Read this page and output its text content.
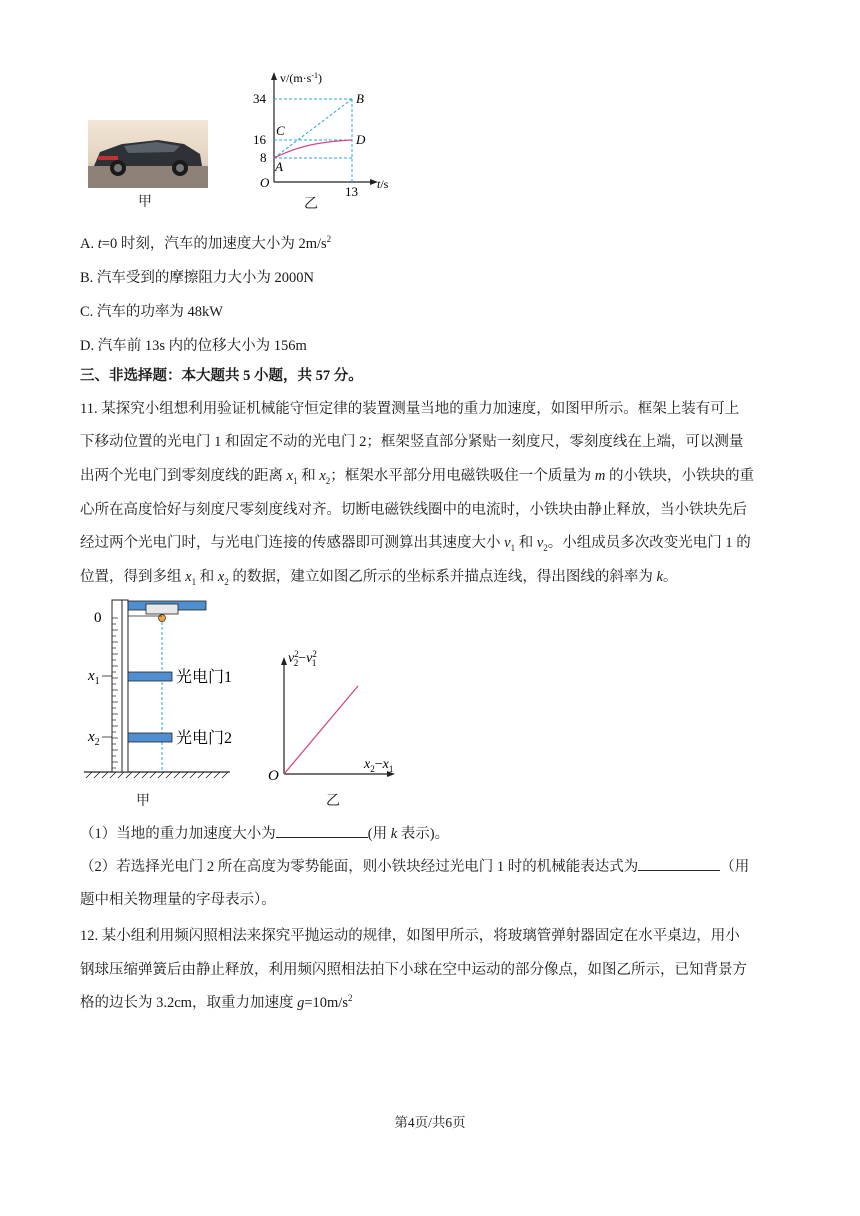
甲
34
16
8
13
O
A
B
C
D
t/s
$v/(m\cdot s^{-1})$
乙
A. t=0 时刻，汽车的加速度大小为 $2m/s^2$
B. 汽车受到的摩擦阻力大小为 2000N
C. 汽车的功率为 48kW
D. 汽车前 13s 内的位移大小为 156m
三、非选择题：本大题共 5 小题，共 57 分。
11. 某探究小组想利用验证机械能守恒定律的装置测量当地的重力加速度，如图甲所示。框架上装有可上
下移动位置的光电门 1 和固定不动的光电门 2；框架竖直部分紧贴一刻度尺，零刻度线在上端，可以测量
出两个光电门到零刻度线的距离 $x_1$ 和 $x_2$；框架水平部分用电磁铁吸住一个质量为 m 的小铁块，小铁块的重
心所在高度恰好与刻度尺零刻度线对齐。切断电磁铁线圈中的电流时，小铁块由静止释放，当小铁块先后
经过两个光电门时，与光电门连接的传感器即可测算出其速度大小 $v_1$ 和 $v_2$。小组成员多次改变光电门 1 的
位置，得到多组 $x_1$ 和 $x_2$ 的数据，建立如图乙所示的坐标系并描点连线，得出图线的斜率为 k。
0
$x_1$
$x_2$
光电门1
光电门2
甲
O
$v^2$ $2-v^2$ 1
$x_2-x_1$
乙
（1）当地的重力加速度大小为	(用 k 表示)。
（2）若选择光电门 2 所在高度为零势能面，则小铁块经过光电门 1 时的机械能表达式为	（用
题中相关物理量的字母表示）。
12. 某小组利用频闪照相法来探究平抛运动的规律，如图甲所示，将玻璃管弹射器固定在水平桌边，用小
钢球压缩弹簧后由静止释放，利用频闪照相法拍下小球在空中运动的部分像点，如图乙所示，已知背景方
格的边长为 3.2cm，取重力加速度 $g=10m/s^2$
第4页/共6页
